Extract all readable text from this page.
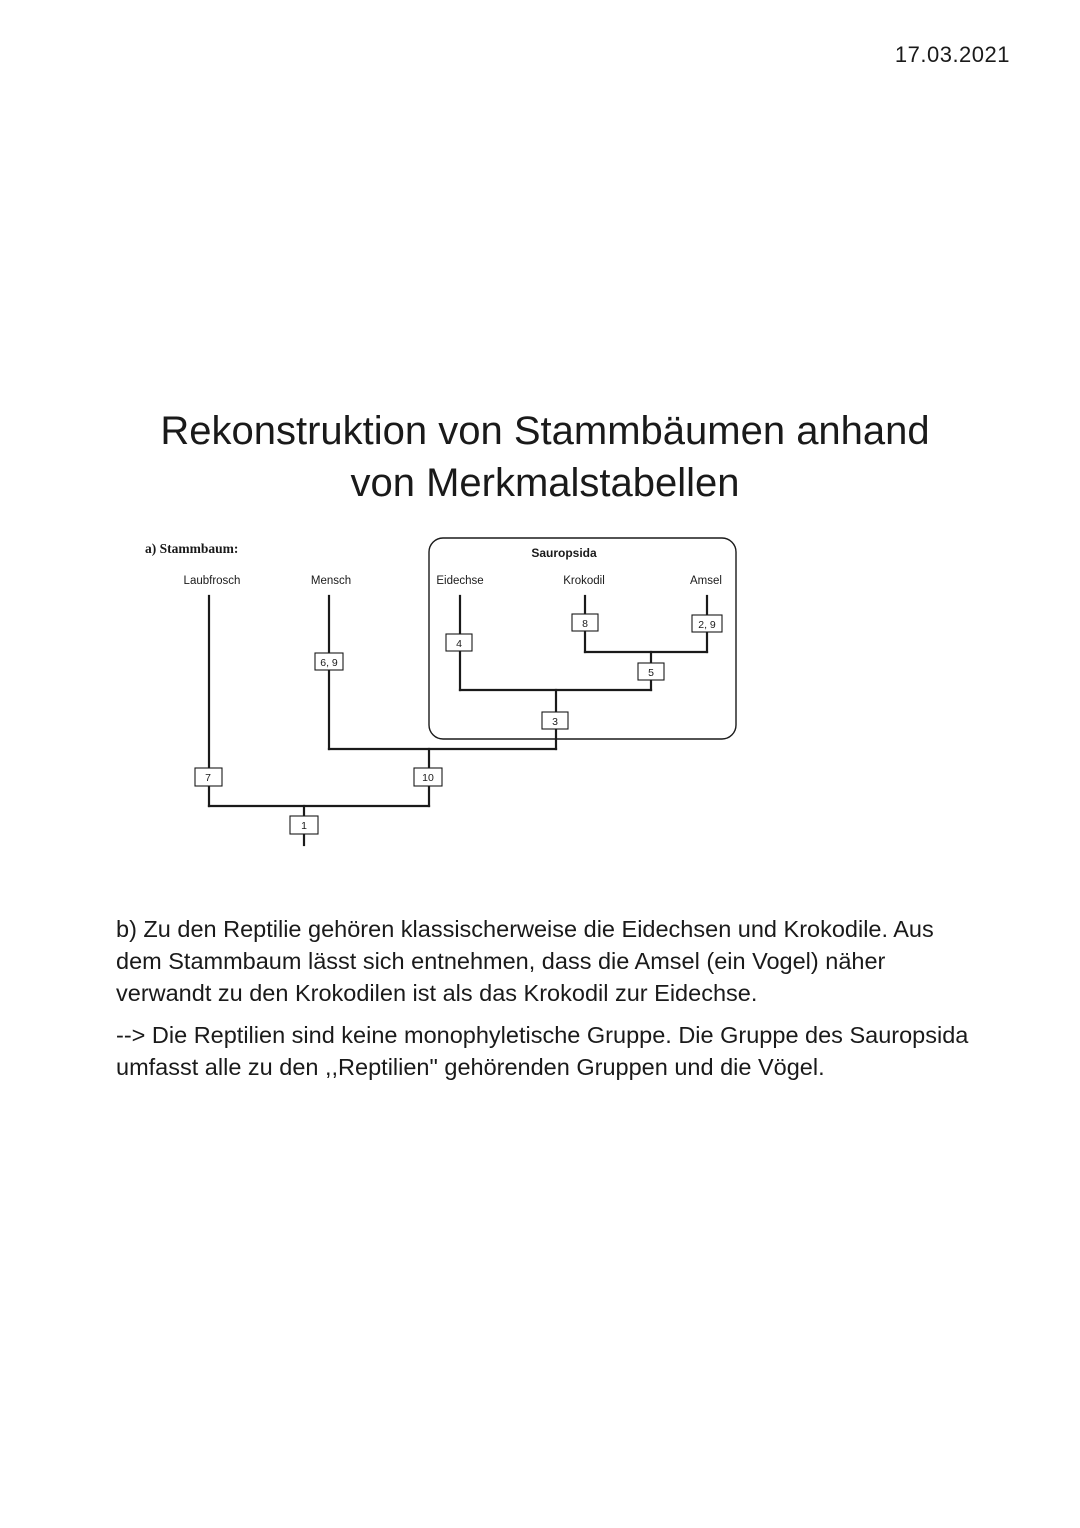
17.03.2021
Rekonstruktion von Stammbäumen anhand
von Merkmalstabellen
a) Stammbaum:	Sauropsida
Laubfrosch	Mensch	Eidechse	Krokodil	Amsel
6, 9
4
8	2, 9
5
3
7	10
1

b) Zu den Reptilie gehören klassischerweise die Eidechsen und Krokodile. Aus dem Stammbaum lässt sich entnehmen, dass die Amsel (ein Vogel) näher verwandt zu den Krokodilen ist als das Krokodil zur Eidechse.

--> Die Reptilien sind keine monophyletische Gruppe. Die Gruppe des Sauropsida umfasst alle zu den ,,Reptilien" gehörenden Gruppen und die Vögel.
